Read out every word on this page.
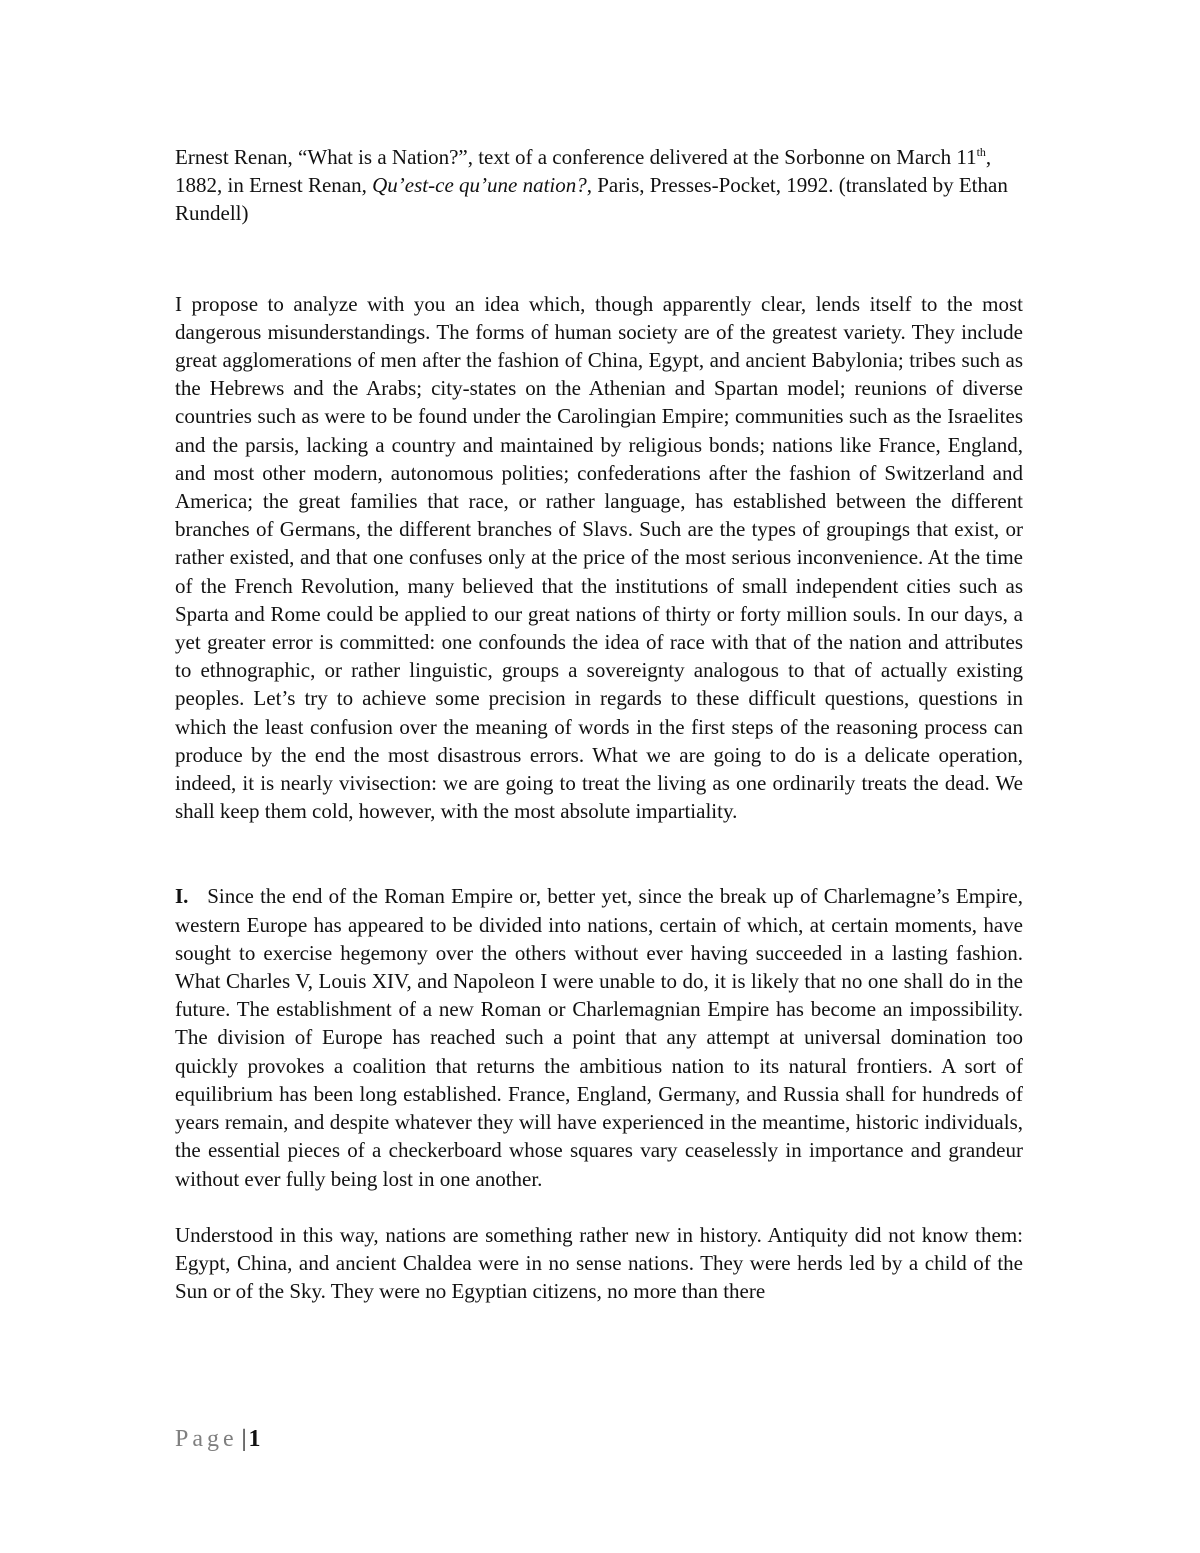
Ernest Renan, “What is a Nation?”, text of a conference delivered at the Sorbonne on March 11th, 1882, in Ernest Renan, Qu’est-ce qu’une nation?, Paris, Presses-Pocket, 1992. (translated by Ethan Rundell)

I propose to analyze with you an idea which, though apparently clear, lends itself to the most dangerous misunderstandings. The forms of human society are of the greatest variety. They include great agglomerations of men after the fashion of China, Egypt, and ancient Babylonia; tribes such as the Hebrews and the Arabs; city-states on the Athenian and Spartan model; reunions of diverse countries such as were to be found under the Carolingian Empire; communities such as the Israelites and the parsis, lacking a country and maintained by religious bonds; nations like France, England, and most other modern, autonomous polities; confederations after the fashion of Switzerland and America; the great families that race, or rather language, has established between the different branches of Germans, the different branches of Slavs. Such are the types of groupings that exist, or rather existed, and that one confuses only at the price of the most serious inconvenience. At the time of the French Revolution, many believed that the institutions of small independent cities such as Sparta and Rome could be applied to our great nations of thirty or forty million souls. In our days, a yet greater error is committed: one confounds the idea of race with that of the nation and attributes to ethnographic, or rather linguistic, groups a sovereignty analogous to that of actually existing peoples. Let’s try to achieve some precision in regards to these difficult questions, questions in which the least confusion over the meaning of words in the first steps of the reasoning process can produce by the end the most disastrous errors. What we are going to do is a delicate operation, indeed, it is nearly vivisection: we are going to treat the living as one ordinarily treats the dead. We shall keep them cold, however, with the most absolute impartiality.

I. Since the end of the Roman Empire or, better yet, since the break up of Charlemagne’s Empire, western Europe has appeared to be divided into nations, certain of which, at certain moments, have sought to exercise hegemony over the others without ever having succeeded in a lasting fashion. What Charles V, Louis XIV, and Napoleon I were unable to do, it is likely that no one shall do in the future. The establishment of a new Roman or Charlemagnian Empire has become an impossibility. The division of Europe has reached such a point that any attempt at universal domination too quickly provokes a coalition that returns the ambitious nation to its natural frontiers. A sort of equilibrium has been long established. France, England, Germany, and Russia shall for hundreds of years remain, and despite whatever they will have experienced in the meantime, historic individuals, the essential pieces of a checkerboard whose squares vary ceaselessly in importance and grandeur without ever fully being lost in one another.

Understood in this way, nations are something rather new in history. Antiquity did not know them: Egypt, China, and ancient Chaldea were in no sense nations. They were herds led by a child of the Sun or of the Sky. They were no Egyptian citizens, no more than there

Page |1
